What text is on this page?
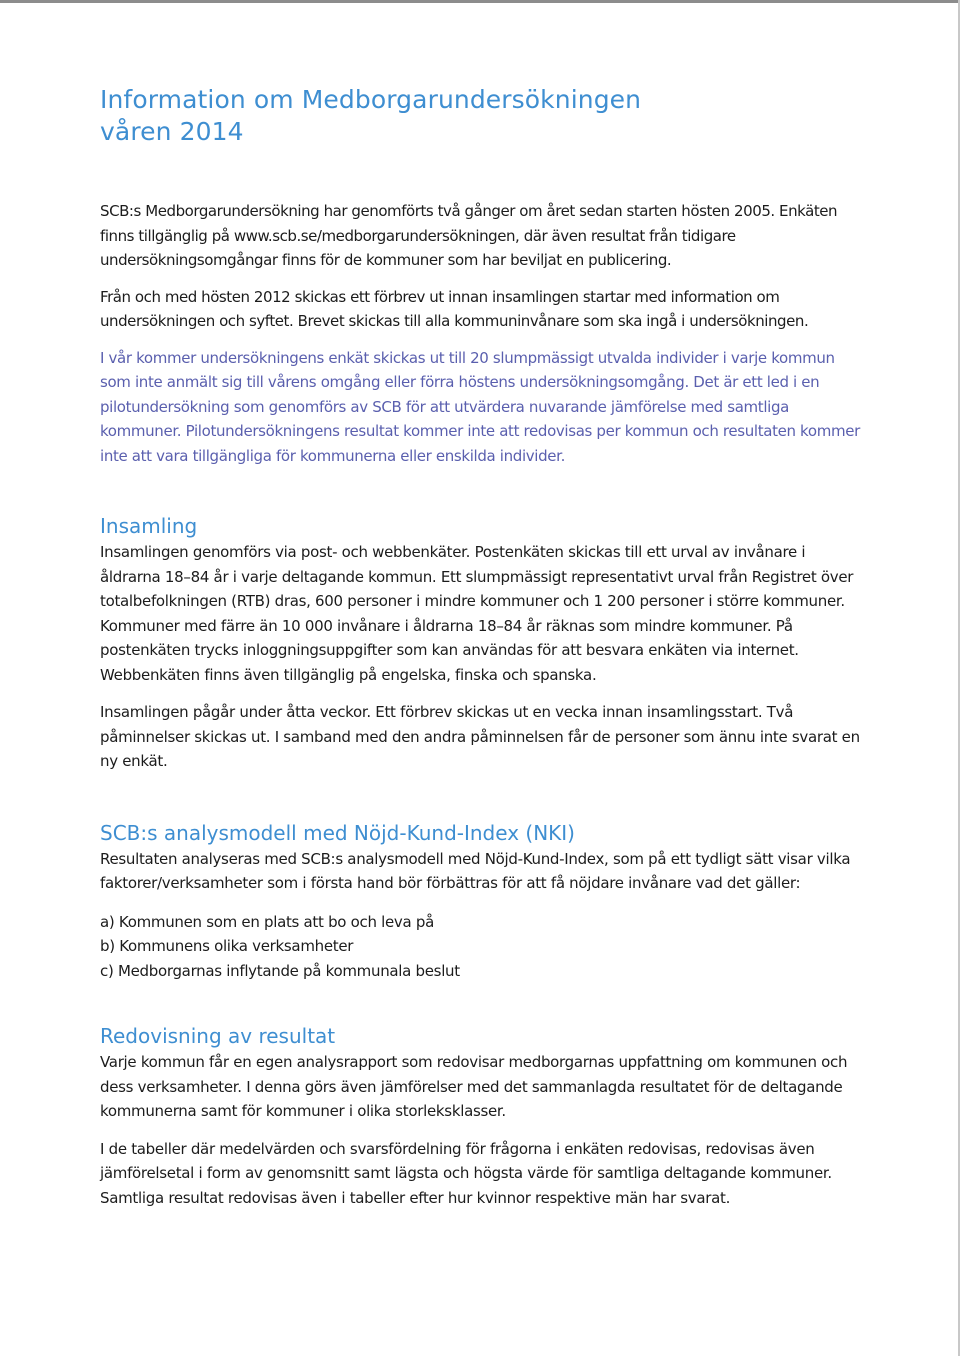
Information om Medborgarundersökningen
våren 2014

SCB:s Medborgarundersökning har genomförts två gånger om året sedan starten hösten 2005. Enkäten finns tillgänglig på www.scb.se/medborgarundersökningen, där även resultat från tidigare undersökningsomgångar finns för de kommuner som har beviljat en publicering.

Från och med hösten 2012 skickas ett förbrev ut innan insamlingen startar med information om undersökningen och syftet. Brevet skickas till alla kommuninvånare som ska ingå i undersökningen.

I vår kommer undersökningens enkät skickas ut till 20 slumpmässigt utvalda individer i varje kommun som inte anmält sig till vårens omgång eller förra höstens undersökningsomgång. Det är ett led i en pilotundersökning som genomförs av SCB för att utvärdera nuvarande jämförelse med samtliga kommuner. Pilotundersökningens resultat kommer inte att redovisas per kommun och resultaten kommer inte att vara tillgängliga för kommunerna eller enskilda individer.

Insamling

Insamlingen genomförs via post- och webbenkäter. Postenkäten skickas till ett urval av invånare i åldrarna 18–84 år i varje deltagande kommun. Ett slumpmässigt representativt urval från Registret över totalbefolkningen (RTB) dras, 600 personer i mindre kommuner och 1 200 personer i större kommuner. Kommuner med färre än 10 000 invånare i åldrarna 18–84 år räknas som mindre kommuner. På postenkäten trycks inloggningsuppgifter som kan användas för att besvara enkäten via internet. Webbenkäten finns även tillgänglig på engelska, finska och spanska.

Insamlingen pågår under åtta veckor. Ett förbrev skickas ut en vecka innan insamlingsstart. Två påminnelser skickas ut. I samband med den andra påminnelsen får de personer som ännu inte svarat en ny enkät.

SCB:s analysmodell med Nöjd-Kund-Index (NKI)

Resultaten analyseras med SCB:s analysmodell med Nöjd-Kund-Index, som på ett tydligt sätt visar vilka faktorer/verksamheter som i första hand bör förbättras för att få nöjdare invånare vad det gäller:

a) Kommunen som en plats att bo och leva på
b) Kommunens olika verksamheter
c) Medborgarnas inflytande på kommunala beslut
Redovisning av resultat

Varje kommun får en egen analysrapport som redovisar medborgarnas uppfattning om kommunen och dess verksamheter. I denna görs även jämförelser med det sammanlagda resultatet för de deltagande kommunerna samt för kommuner i olika storleksklasser.

I de tabeller där medelvärden och svarsfördelning för frågorna i enkäten redovisas, redovisas även jämförelsetal i form av genomsnitt samt lägsta och högsta värde för samtliga deltagande kommuner. Samtliga resultat redovisas även i tabeller efter hur kvinnor respektive män har svarat.
